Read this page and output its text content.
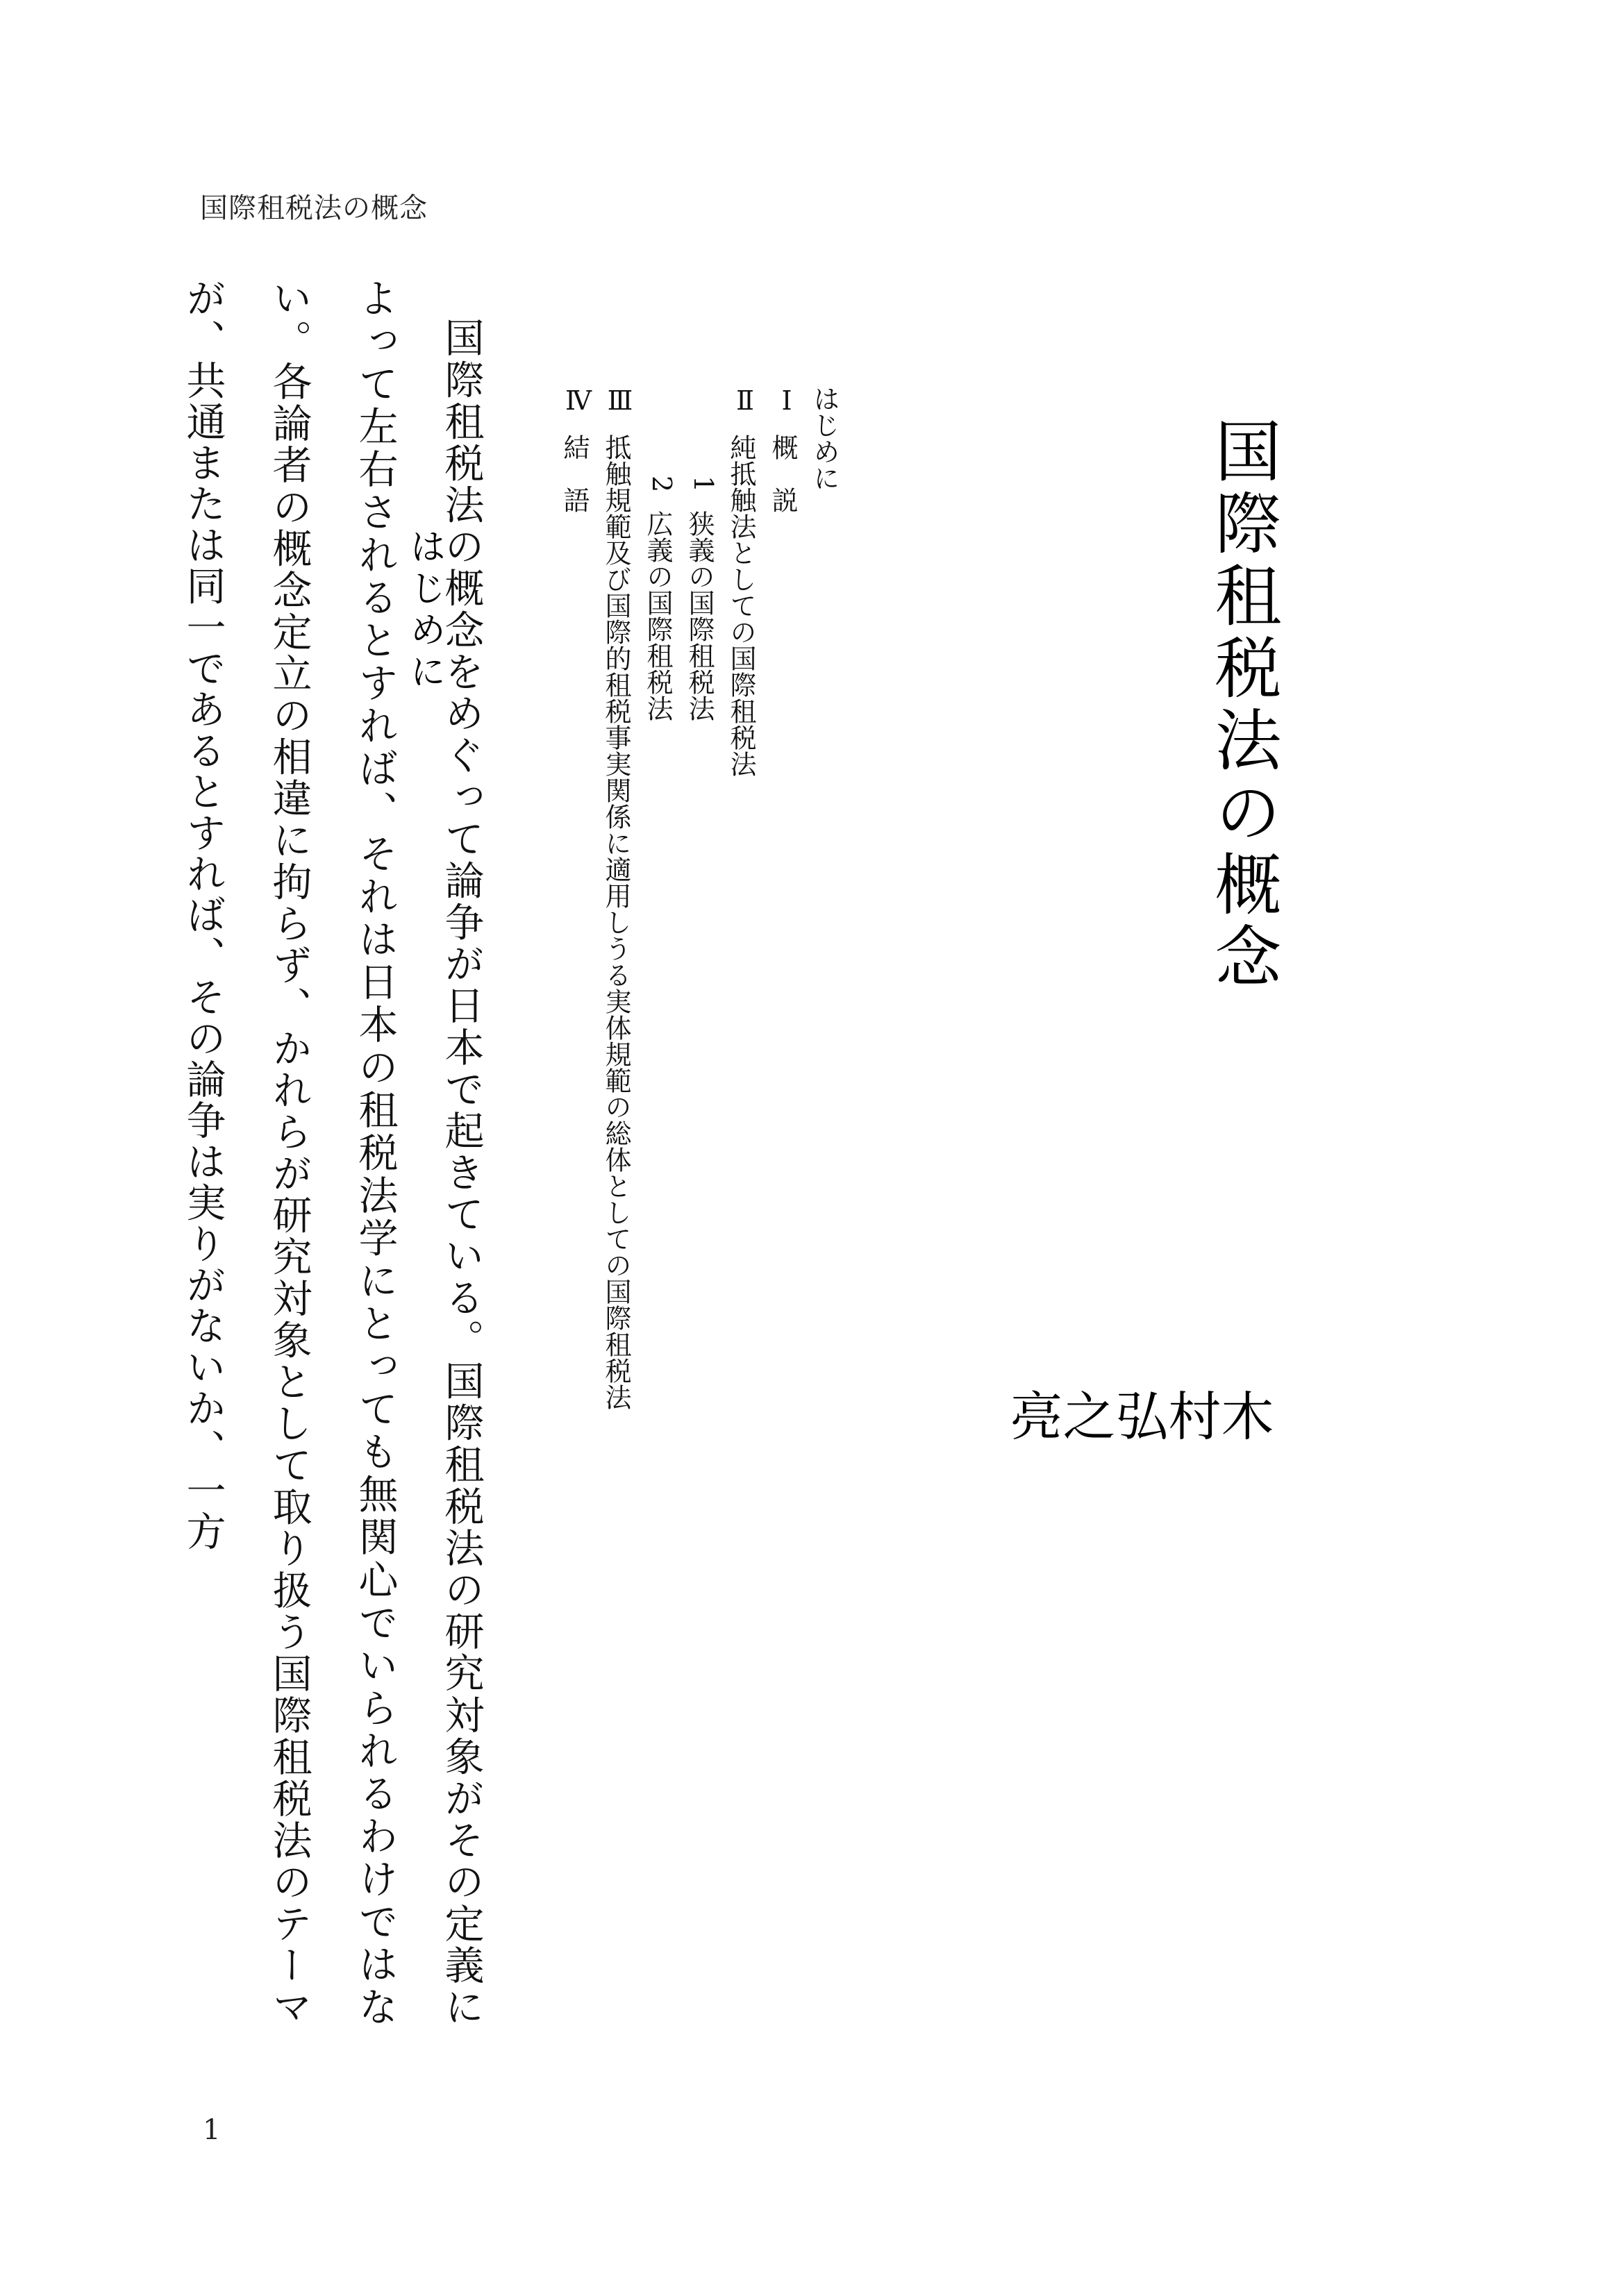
国際租税法の概念
国際租税法の概念
木
村
弘
之
亮
はじめに
Ⅰ
概　説
Ⅱ
純抵触法としての国際租税法
1
狭義の国際租税法
2
広義の国際租税法
Ⅲ
抵触規範及び国際的租税事実関係に適用しうる実体規範の総体としての国際租税法
Ⅳ
結　語
はじめに

国際租税法の概念をめぐって論争が日本で起きている。国際租税法の研究対象がその定義によって左右されるとすれば、それは日本の租税法学にとっても無関心でいられるわけではない。各論者の概念定立の相違に拘らず、かれらが研究対象として取り扱う国際租税法のテーマが、共通または同一であるとすれば、その論争は実りがないか、一方

1
